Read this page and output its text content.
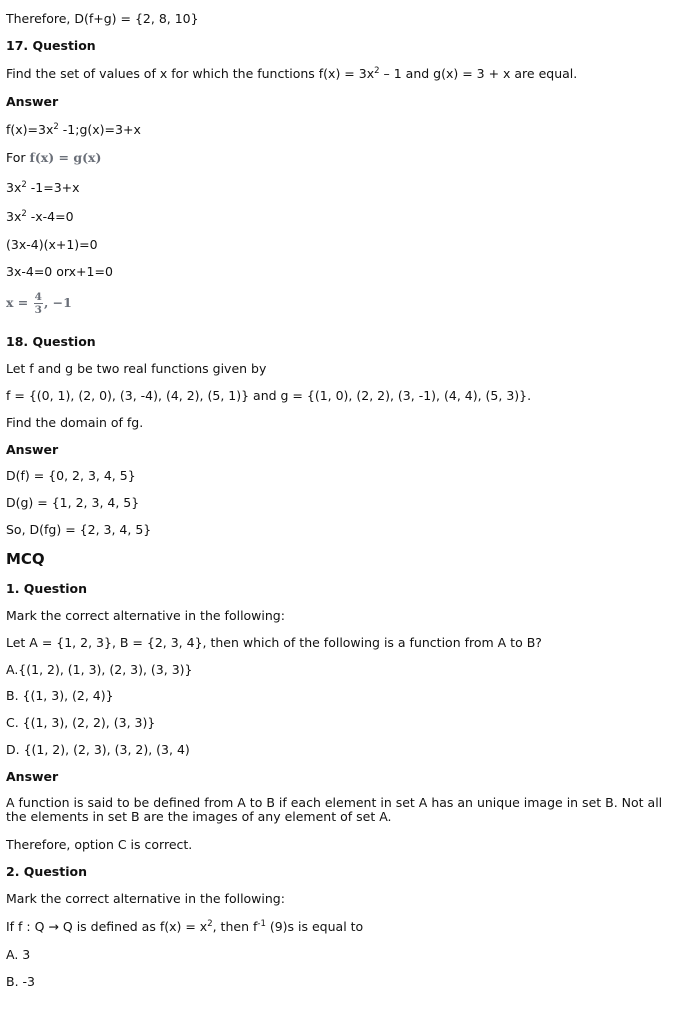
Therefore, D(f+g) = {2, 8, 10}

17. Question

Find the set of values of x for which the functions $f(x) = 3x^2 - 1$ and g(x) = 3 + x are equal.

Answer

$f(x)=3x^2$ -1;g(x)=3+x

For f(x) = g(x)

$3x^2$ -1=3+x

$3x^2$ -x-4=0

(3x-4)(x+1)=0

3x-4=0 orx+1=0

$x = \frac{4}{3}$ , −1

18. Question

Let f and g be two real functions given by

f = {(0, 1), (2, 0), (3, -4), (4, 2), (5, 1)} and g = {(1, 0), (2, 2), (3, -1), (4, 4), (5, 3)}.

Find the domain of fg.

Answer

D(f) = {0, 2, 3, 4, 5}

D(g) = {1, 2, 3, 4, 5}

So, D(fg) = {2, 3, 4, 5}

MCQ

1. Question

Mark the correct alternative in the following:

Let A = {1, 2, 3}, B = {2, 3, 4}, then which of the following is a function from A to B?

A.{(1, 2), (1, 3), (2, 3), (3, 3)}

B. {(1, 3), (2, 4)}

C. {(1, 3), (2, 2), (3, 3)}

D. {(1, 2), (2, 3), (3, 2), (3, 4)

Answer

A function is said to be defined from A to B if each element in set A has an unique image in set B. Not all the elements in set B are the images of any element of set A.

Therefore, option C is correct.

2. Question

Mark the correct alternative in the following:

If f : Q → Q is defined as $f(x) = x^2$, then $f^{-1}$ (9)s is equal to

A. 3

B. -3
